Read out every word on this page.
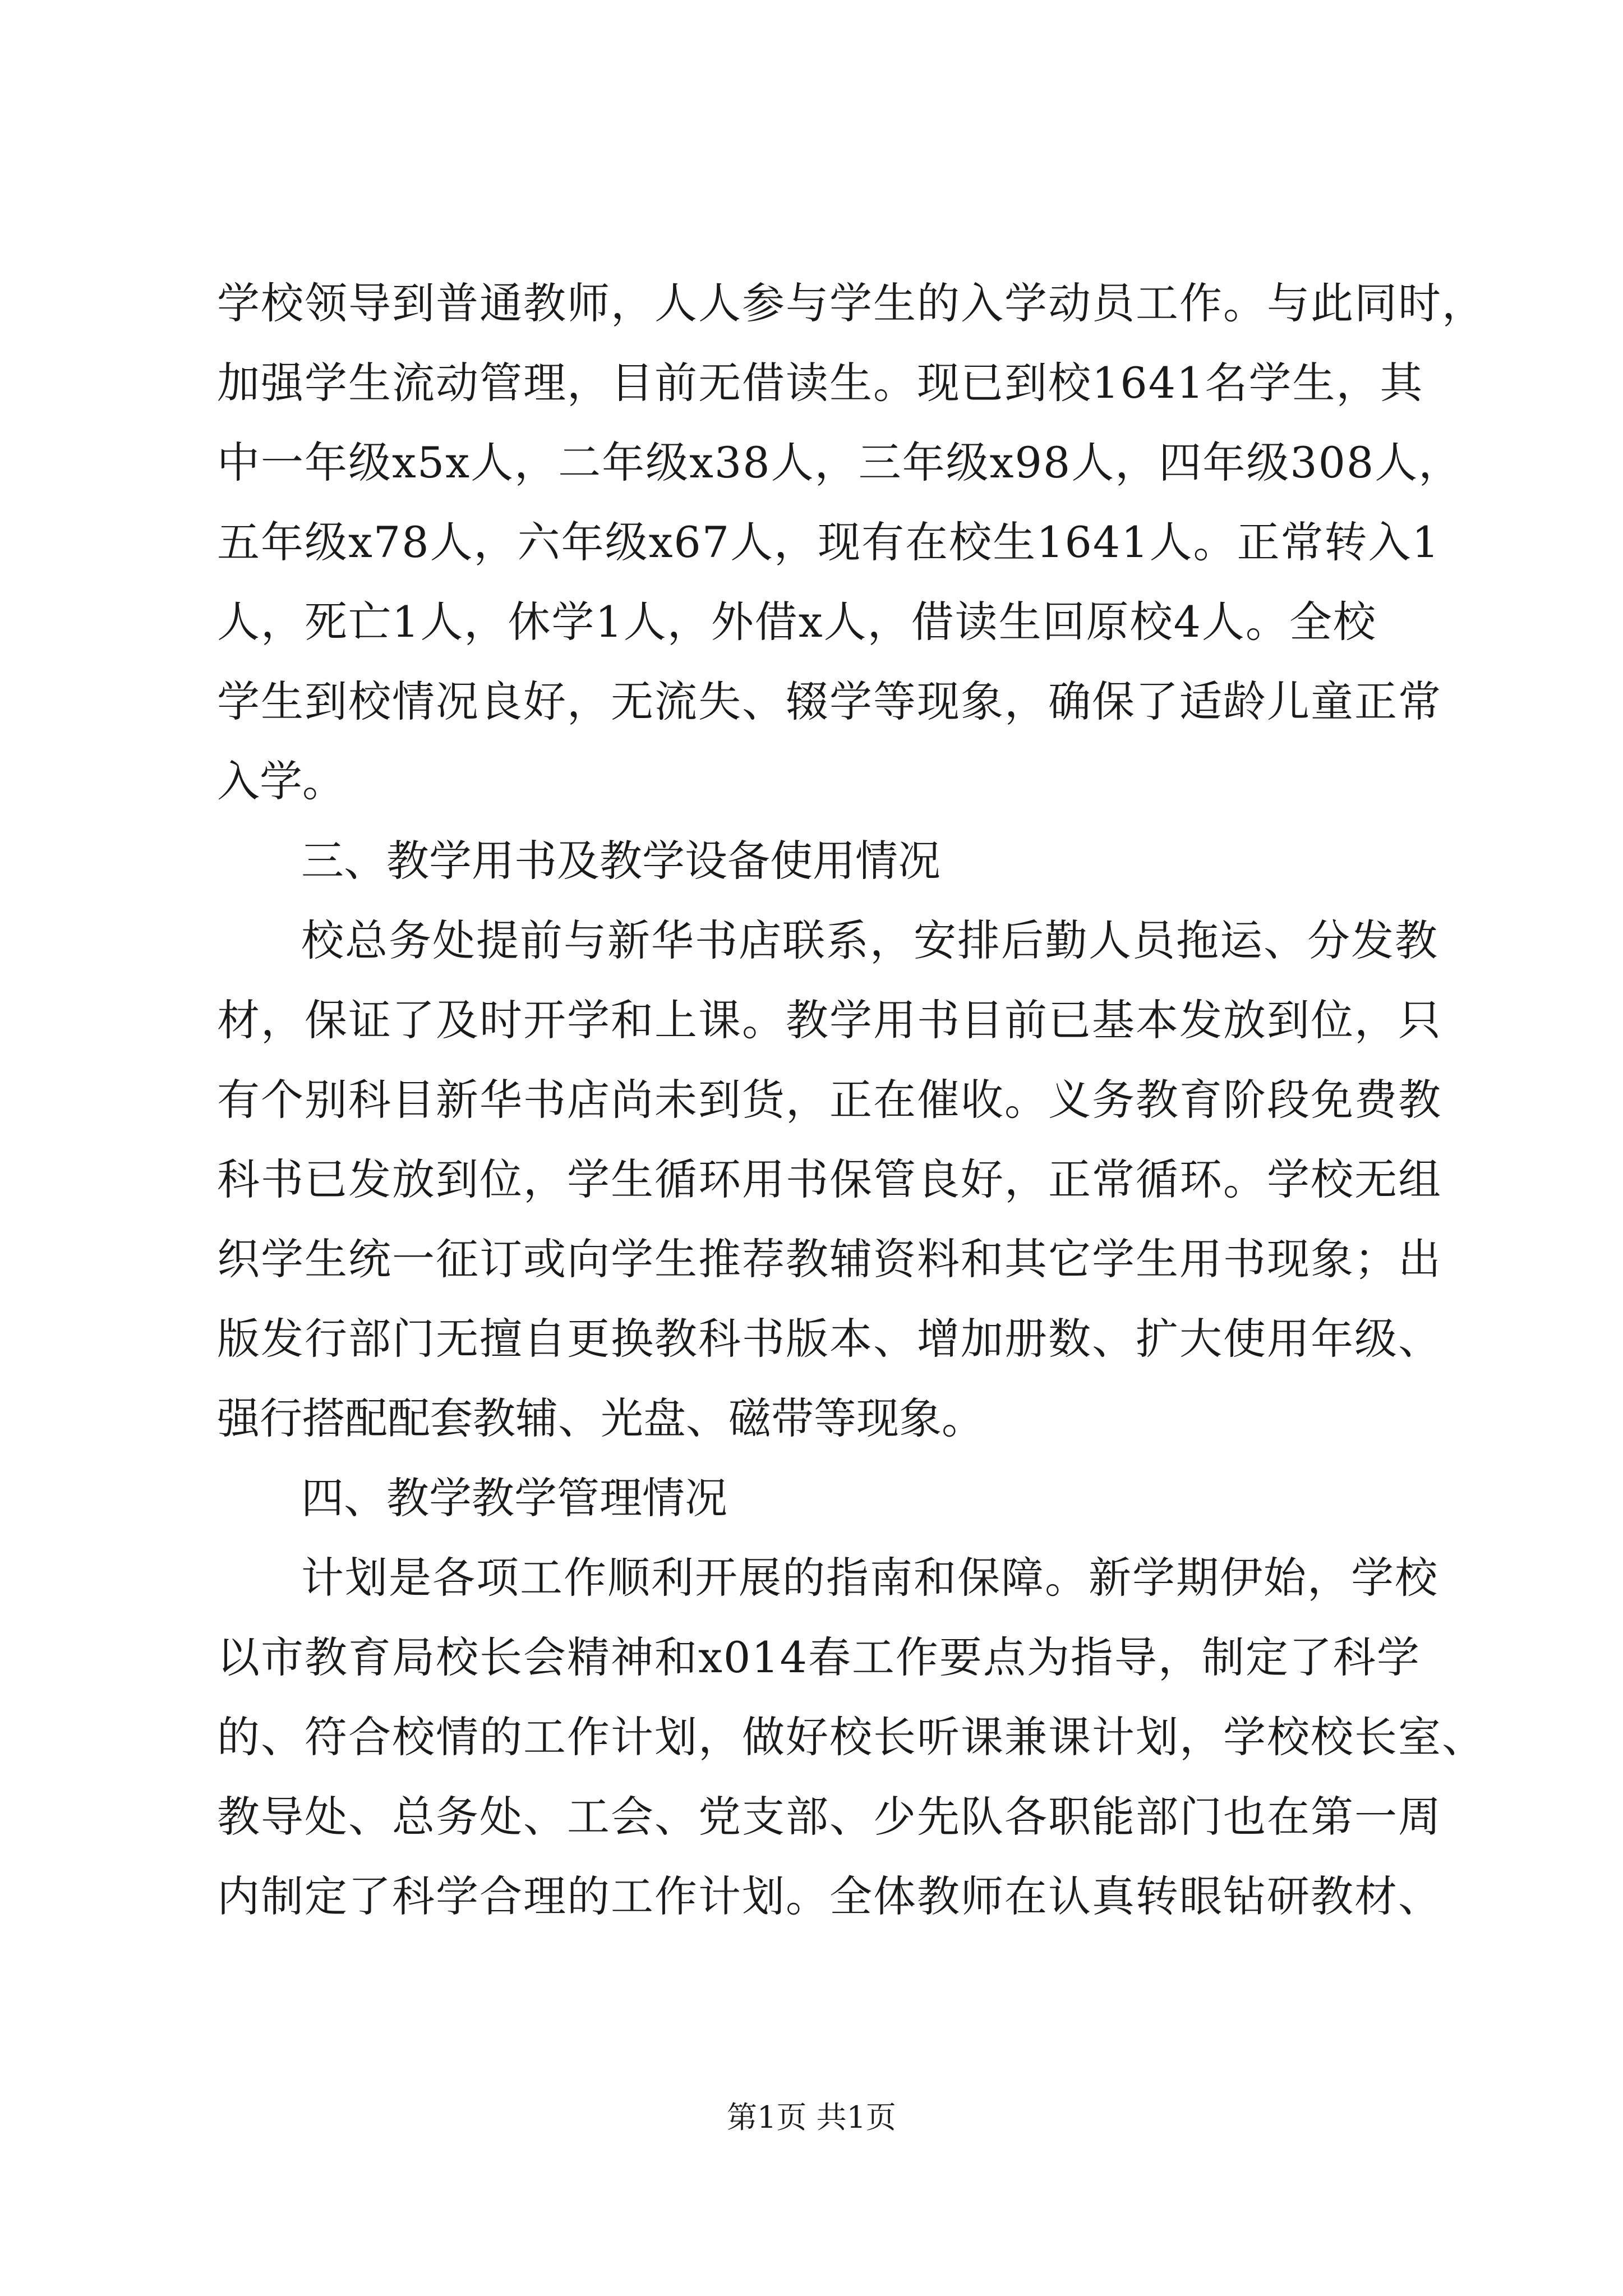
学校领导到普通教师，人人参与学生的入学动员工作。与此同时，
加强学生流动管理，目前无借读生。现已到校1641名学生，其
中一年级x5x人，二年级x38人，三年级x98人，四年级308人，
五年级x78人，六年级x67人，现有在校生1641人。正常转入1
人，死亡1人，休学1人，外借x人，借读生回原校4人。全校
学生到校情况良好，无流失、辍学等现象，确保了适龄儿童正常
入学。
三、教学用书及教学设备使用情况
校总务处提前与新华书店联系，安排后勤人员拖运、分发教
材，保证了及时开学和上课。教学用书目前已基本发放到位，只
有个别科目新华书店尚未到货，正在催收。义务教育阶段免费教
科书已发放到位，学生循环用书保管良好，正常循环。学校无组
织学生统一征订或向学生推荐教辅资料和其它学生用书现象；出
版发行部门无擅自更换教科书版本、增加册数、扩大使用年级、
强行搭配配套教辅、光盘、磁带等现象。
四、教学教学管理情况
计划是各项工作顺利开展的指南和保障。新学期伊始，学校
以市教育局校长会精神和x014春工作要点为指导，制定了科学
的、符合校情的工作计划，做好校长听课兼课计划，学校校长室、
教导处、总务处、工会、党支部、少先队各职能部门也在第一周
内制定了科学合理的工作计划。全体教师在认真转眼钻研教材、
第1页 共1页
